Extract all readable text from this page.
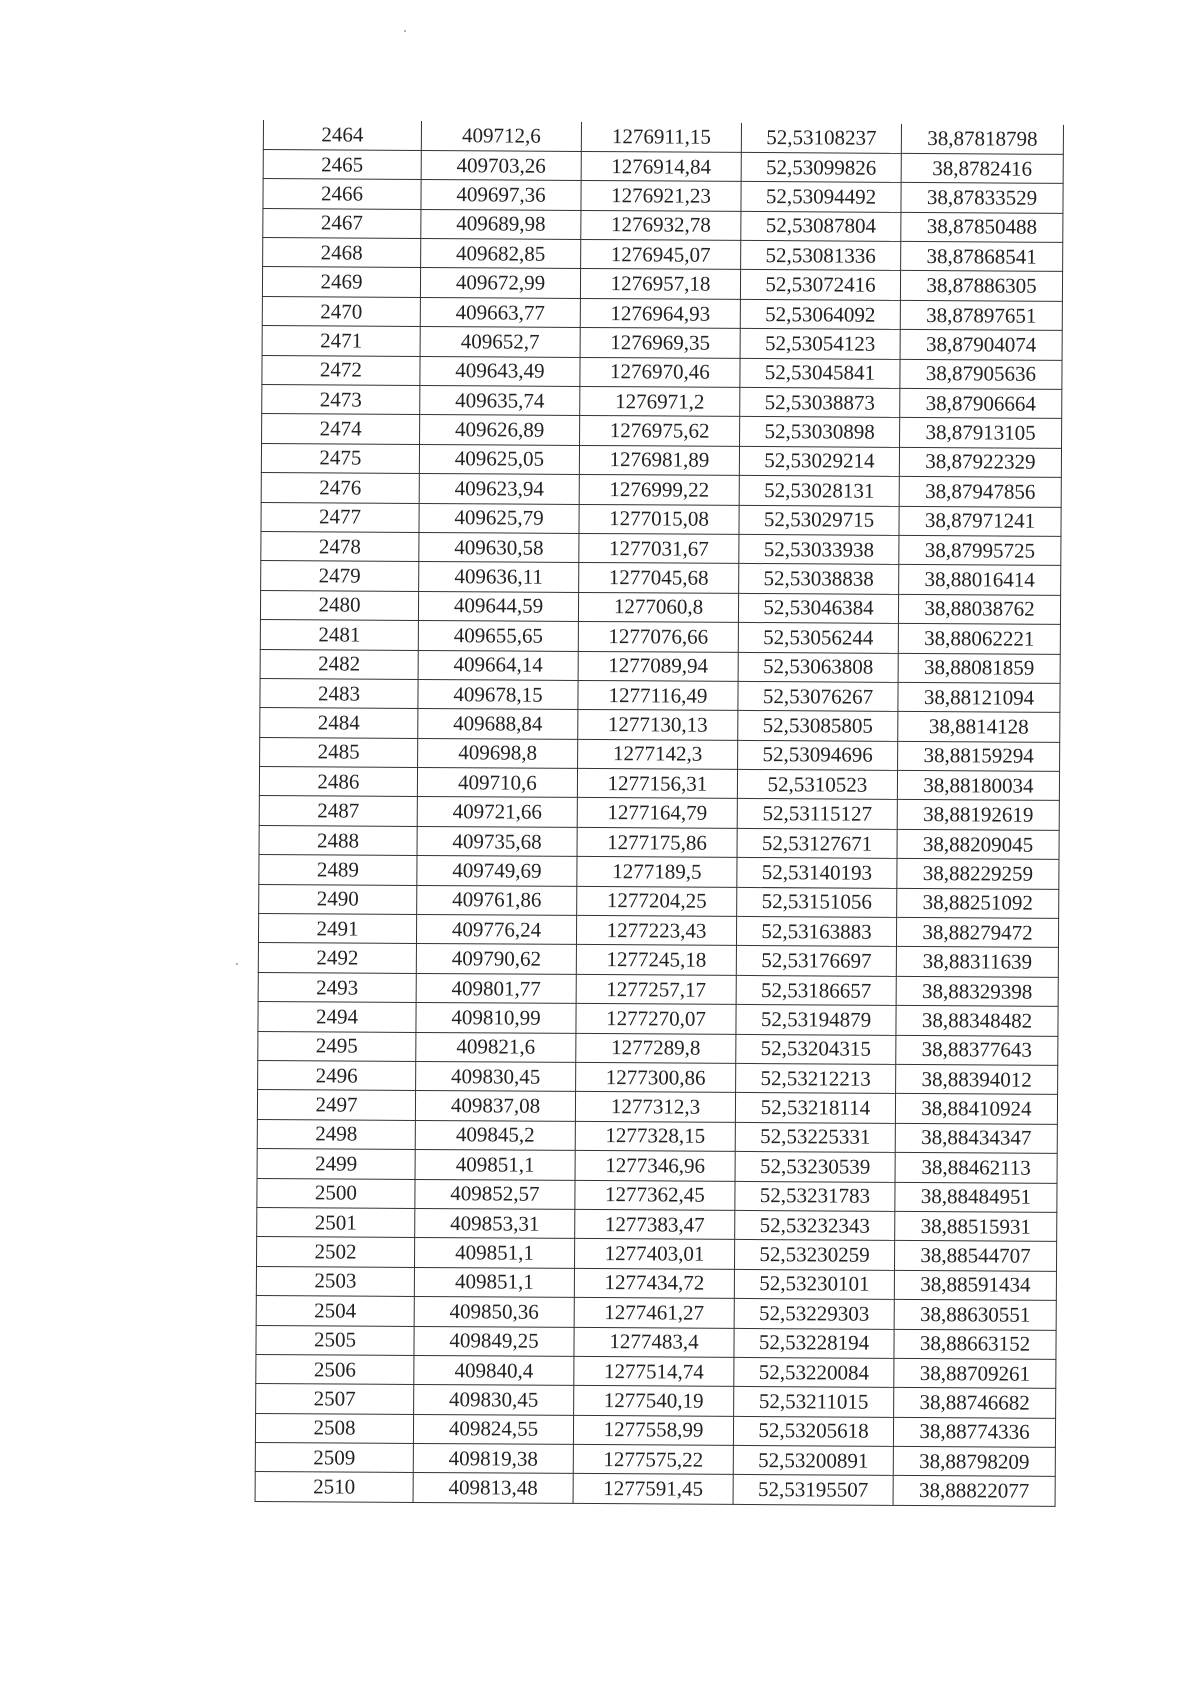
2464	409712,6	1276911,15	52,53108237	38,87818798
2465	409703,26	1276914,84	52,53099826	38,8782416
2466	409697,36	1276921,23	52,53094492	38,87833529
2467	409689,98	1276932,78	52,53087804	38,87850488
2468	409682,85	1276945,07	52,53081336	38,87868541
2469	409672,99	1276957,18	52,53072416	38,87886305
2470	409663,77	1276964,93	52,53064092	38,87897651
2471	409652,7	1276969,35	52,53054123	38,87904074
2472	409643,49	1276970,46	52,53045841	38,87905636
2473	409635,74	1276971,2	52,53038873	38,87906664
2474	409626,89	1276975,62	52,53030898	38,87913105
2475	409625,05	1276981,89	52,53029214	38,87922329
2476	409623,94	1276999,22	52,53028131	38,87947856
2477	409625,79	1277015,08	52,53029715	38,87971241
2478	409630,58	1277031,67	52,53033938	38,87995725
2479	409636,11	1277045,68	52,53038838	38,88016414
2480	409644,59	1277060,8	52,53046384	38,88038762
2481	409655,65	1277076,66	52,53056244	38,88062221
2482	409664,14	1277089,94	52,53063808	38,88081859
2483	409678,15	1277116,49	52,53076267	38,88121094
2484	409688,84	1277130,13	52,53085805	38,8814128
2485	409698,8	1277142,3	52,53094696	38,88159294
2486	409710,6	1277156,31	52,5310523	38,88180034
2487	409721,66	1277164,79	52,53115127	38,88192619
2488	409735,68	1277175,86	52,53127671	38,88209045
2489	409749,69	1277189,5	52,53140193	38,88229259
2490	409761,86	1277204,25	52,53151056	38,88251092
2491	409776,24	1277223,43	52,53163883	38,88279472
2492	409790,62	1277245,18	52,53176697	38,88311639
2493	409801,77	1277257,17	52,53186657	38,88329398
2494	409810,99	1277270,07	52,53194879	38,88348482
2495	409821,6	1277289,8	52,53204315	38,88377643
2496	409830,45	1277300,86	52,53212213	38,88394012
2497	409837,08	1277312,3	52,53218114	38,88410924
2498	409845,2	1277328,15	52,53225331	38,88434347
2499	409851,1	1277346,96	52,53230539	38,88462113
2500	409852,57	1277362,45	52,53231783	38,88484951
2501	409853,31	1277383,47	52,53232343	38,88515931
2502	409851,1	1277403,01	52,53230259	38,88544707
2503	409851,1	1277434,72	52,53230101	38,88591434
2504	409850,36	1277461,27	52,53229303	38,88630551
2505	409849,25	1277483,4	52,53228194	38,88663152
2506	409840,4	1277514,74	52,53220084	38,88709261
2507	409830,45	1277540,19	52,53211015	38,88746682
2508	409824,55	1277558,99	52,53205618	38,88774336
2509	409819,38	1277575,22	52,53200891	38,88798209
2510	409813,48	1277591,45	52,53195507	38,88822077
